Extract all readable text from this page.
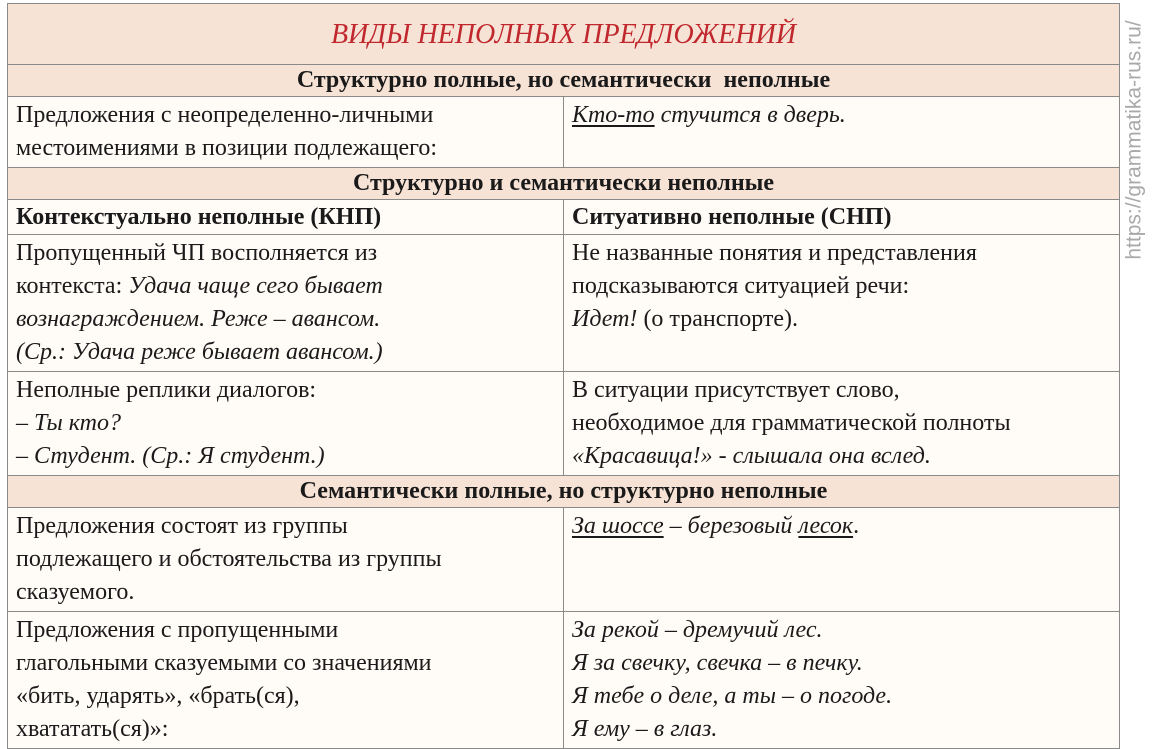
ВИДЫ НЕПОЛНЫХ ПРЕДЛОЖЕНИЙ	
Структурно полные, но семантически  неполные	

Предложения с неопределенно-личными
местоимениями в позиции подлежащего:	Кто-то стучится в дверь.

Структурно и семантически неполные	
Контекстуально неполные (КНП)	Ситуативно неполные (СНП)

Пропущенный ЧП восполняется из
контекста: Удача чаще сего бывает
вознаграждением. Реже – авансом.
(Ср.: Удача реже бывает авансом.)	Не названные понятия и представления
подсказываются ситуацией речи:
Идет! (о транспорте).

Неполные реплики диалогов:
– Ты кто?
– Студент. (Ср.: Я студент.)	В ситуации присутствует слово,
необходимое для грамматической полноты
«Красавица!» - слышала она вслед.

Семантически полные, но структурно неполные	

Предложения состоят из группы
подлежащего и обстоятельства из группы
сказуемого.	За шоссе – березовый лесок.

Предложения с пропущенными
глагольными сказуемыми со значениями
«бить, ударять», «брать(ся),
хвататать(ся)»:	За рекой – дремучий лес.
Я за свечку, свечка – в печку.
Я тебе о деле, а ты – о погоде.
Я ему – в глаз.
https://grammatika-rus.ru/
